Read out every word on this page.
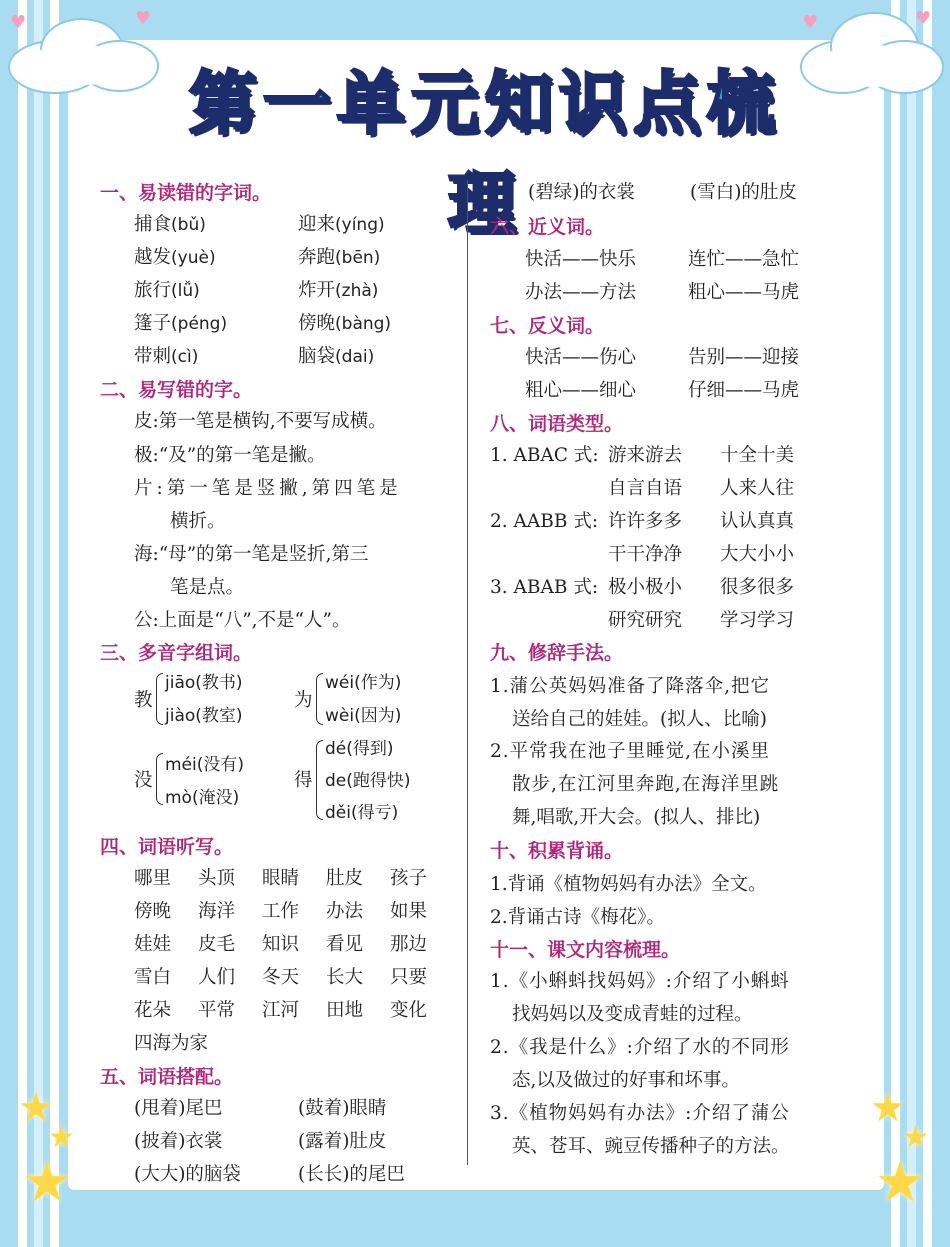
♥	♥	♥	♥
★
★
★
★
★
★
第一单元知识点梳理
一、易读错的字词。
捕食(bǔ)	迎来(yíng)
越发(yuè)	奔跑(bēn)
旅行(lǚ)	炸开(zhà)
篷子(péng)	傍晚(bàng)
带刺(cì)	脑袋(dai)
二、易写错的字。
皮:第一笔是横钩,不要写成横。
极:“及”的第一笔是撇。
片:第一笔是竖撇,第四笔是
横折。
海:“母”的第一笔是竖折,第三
笔是点。
公:上面是“八”,不是“人”。
三、多音字组词。
教
jiāo(教书)
jiào(教室)
为
wéi(作为)
wèi(因为)
没
méi(没有)
mò(淹没)
得
dé(得到)
de(跑得快)
děi(得亏)
四、词语听写。
哪里 头顶 眼睛 肚皮 孩子
傍晚 海洋 工作 办法 如果
娃娃 皮毛 知识 看见 那边
雪白 人们 冬天 长大 只要
花朵 平常 江河 田地 变化
四海为家
五、词语搭配。
(甩着)尾巴	(鼓着)眼睛
(披着)衣裳	(露着)肚皮
(大大)的脑袋	(长长)的尾巴
(碧绿)的衣裳	(雪白)的肚皮
六、近义词。
快活——快乐	连忙——急忙
办法——方法	粗心——马虎
七、反义词。
快活——伤心	告别——迎接
粗心——细心	仔细——马虎
八、词语类型。
1. ABAC 式: 游来游去 十全十美
自言自语 人来人往
2. AABB 式: 许许多多 认认真真
干干净净 大大小小
3. ABAB 式: 极小极小 很多很多
研究研究 学习学习
九、修辞手法。
1.蒲公英妈妈准备了降落伞,把它
送给自己的娃娃。(拟人、比喻)
2.平常我在池子里睡觉,在小溪里
散步,在江河里奔跑,在海洋里跳
舞,唱歌,开大会。(拟人、排比)
十、积累背诵。
1.背诵《植物妈妈有办法》全文。
2.背诵古诗《梅花》。
十一、课文内容梳理。
1.《小蝌蚪找妈妈》:介绍了小蝌蚪
找妈妈以及变成青蛙的过程。
2.《我是什么》:介绍了水的不同形
态,以及做过的好事和坏事。
3.《植物妈妈有办法》:介绍了蒲公
英、苍耳、豌豆传播种子的方法。
